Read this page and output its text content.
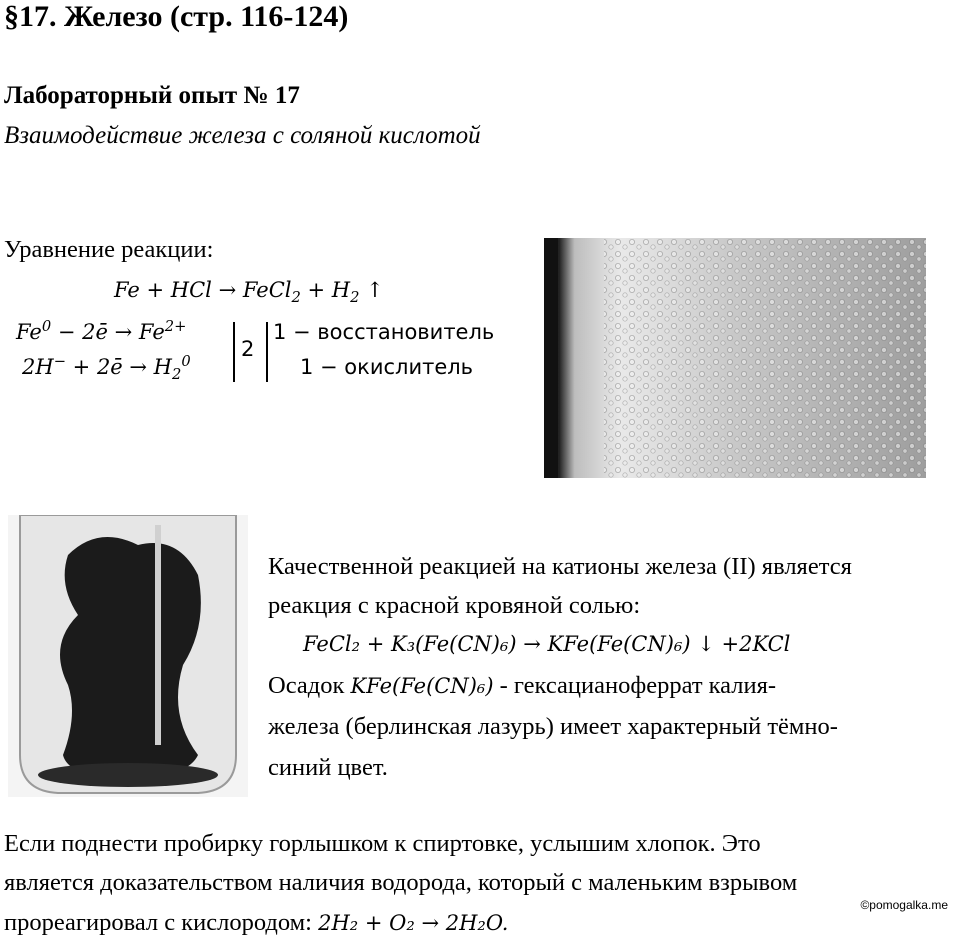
§17. Железо (стр. 116-124)
Лабораторный опыт № 17
Взаимодействие железа с соляной кислотой
Уравнение реакции:
Fe + HCl → FeCl$_2$ + $H_2$ ↑
$Fe^0$ − 2ē → $Fe^{2+}$
2H− + 2ē → $H_2^0$
2
1 − восстановитель
1 − окислитель
Качественной реакцией на катионы железа (II) является
реакция с красной кровяной солью:
FeCl₂ + K₃(Fe(CN)₆) → KFe(Fe(CN)₆) ↓ +2KCl
Осадок KFe(Fe(CN)₆) - гексацианоферрат калия-
железа (берлинская лазурь) имеет характерный тёмно-
синий цвет.
Если поднести пробирку горлышком к спиртовке, услышим хлопок. Это
является доказательством наличия водорода, который с маленьким взрывом
прореагировал с кислородом: 2H₂ + O₂ → 2H₂O.
©pomogalka.me
